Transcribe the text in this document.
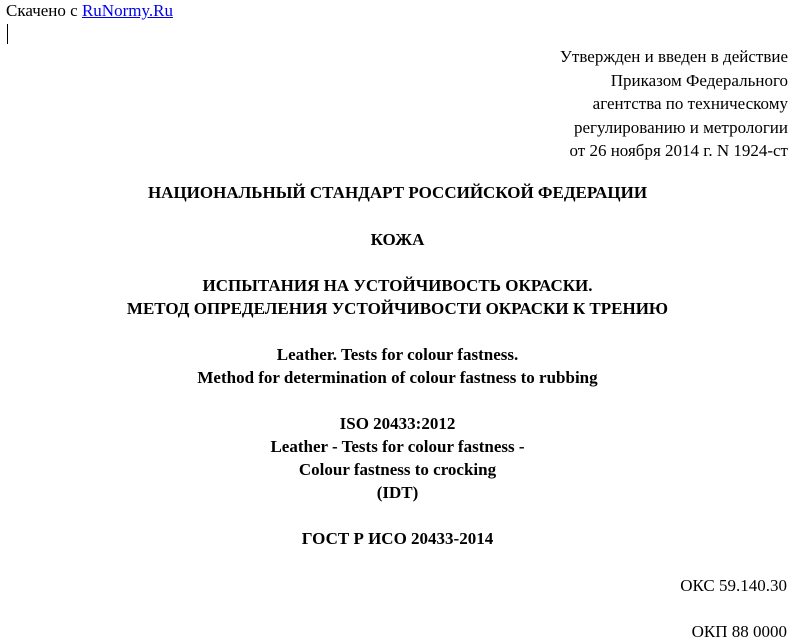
Скачено с RuNormy.Ru

Утвержден и введен в действие
Приказом Федерального
агентства по техническому
регулированию и метрологии
от 26 ноября 2014 г. N 1924-ст

НАЦИОНАЛЬНЫЙ СТАНДАРТ РОССИЙСКОЙ ФЕДЕРАЦИИ

КОЖА

ИСПЫТАНИЯ НА УСТОЙЧИВОСТЬ ОКРАСКИ.
МЕТОД ОПРЕДЕЛЕНИЯ УСТОЙЧИВОСТИ ОКРАСКИ К ТРЕНИЮ
Leather. Tests for colour fastness.
Method for determination of colour fastness to rubbing
ISO 20433:2012
Leather - Tests for colour fastness -
Colour fastness to crocking
(IDT)

ГОСТ Р ИСО 20433-2014

ОКС 59.140.30

ОКП 88 0000
